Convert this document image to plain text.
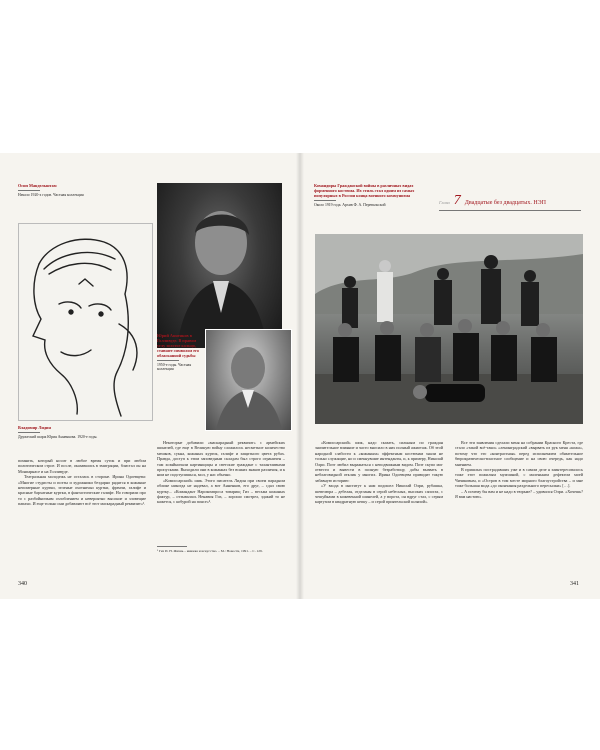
Осип Мандельштам
Начало 1920-х годов. Частная коллекция
Владимир Лидин
Дружеский шарж Юрия Анненкова. 1920-е годы.
Юрий Анненков в Голливуде. В правом углу золотое кольцо, ставшее символом его обласканной судьбы
1950-е годы. Частная коллекция

помнить, который носит в любое время суток и при любом политическом строе. И после, оказавшись в эмиграции, блистал он на Монпарнасе и на Голливуде.

Театральная молодежь не осталась в стороне. Ирина Одоевцева: «Многие студисты и поэты и художники бездарно рядятся в кожаные непомерные куртки, зеленые охотничьи куртки, френчи, галифе и красные бархатные куртки, в фантастические галифе. Но говорили про то с разбойничьим озлоблением и невероятно высокие и зловещие папахи. И еще только они добавляют всё этот маскарадный реквизит»¹.

Некоторые добавили «маскарадный реквизит» с армейских шинелей, где еще в Великую войну сложилось несметное количество мешков, сукна, кожаных курток, галифе и защитного цвета рубах. Правда, доступ к этим заповедным складам был строго ограничен – там хозяйничали картинщицы и светские граждане с талантливыми пропусками. Выходили они в кожанках без всяких знаков различия, и к ним не подступишься, мол, у нас обычно.

«Комиссарский» шик. Этого писатель Лидин при своем парадном облике никогда не надевал, а вот Анненков, его друг, – сдал свою куртку... «Командант Нарокомпроса товарищ Гиз – весьма кожаных фактур, – отзывалась Ненавия Гиз, – хорошо смотрел, эдакий то не кажется, с кобурой на поясе»².

¹ Гиз И. Н. Жизнь – книжка и искусство. – М.: Новости, 1991. – С. 129.
340
Командиры Гражданской войны в различных видах форменного костюма. Их стиль стал одним из самых популярных в России конца военного коммунизма
Около 1919 года. Архив Ф. А. Перевальской	Глава 7 Двадцатые без двадцатых. НЭП

«Комиссарский» шик, надо сказать, сильным по граждан значительное влияние и часто вносило в них полный ажиотаж. Об этой народной слабости к «кожаным» эффектным костюмам знали не только служащие, но и смекнувшие интенданты, и, к примеру, Николай Олри. Поэт любил выражаться с неподвижным видом. Поэт скупо мог отвести и вывести в полную безработицу, дабы вызвать в неблаговидной отклик у многих. Ирина Одоевцева приводит такую забавную историю:

«У входа в институт к нам подошел Николай Олри, рубашка, шевелюра – дебелая, отделаны в серой небесных, высоких сапогах, с чешуйками в кожевенной шинелей, а у ворота, он вдруг стал, с серым картузом в квадратную кепку – и серой приятельской шляпой».

Все эти заявления сделали меня на собрании Красного Креста, где стало «такой всё-таки» «ленинградский «вырвать из рук меня «кожа», потому что это «контрастная» перед исполнением обязательное бюрократически-властное сообщение и на свою очередь, как надо мнением.

В пришлых пострадавших уже и в самом деле я заинтересовалось тоже этот пожилым мужчиной, с маленьким дефектом моей Чичиковым, и «Остров в том месте мирного благоустройства – и мне тоже большая мода «до окончания раздельного пересылки» […].

– А почему бы вам и не надо в тюрьме? – удивился Олри. «Хочешь? Я вам настою».

341
